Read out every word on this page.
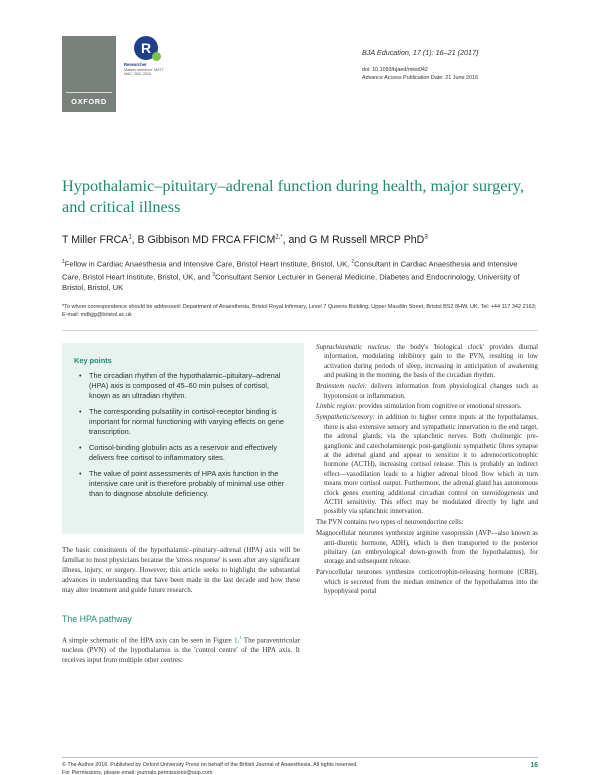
OXFORD
R
Researcher
Matters reference: MATT
MAC: 2001 2024
BJA Education, 17 (1): 16–21 (2017)
doi: 10.1093/bjaed/mkw042
Advance Access Publication Date: 21 June 2016
Hypothalamic–pituitary–adrenal function during health, major surgery, and critical illness
T Miller FRCA$^1$, B Gibbison MD FRCA $FFICM^{2,*}$, and G M Russell MRCP PhD$^3$
$^1$Fellow in Cardiac Anaesthesia and Intensive Care, Bristol Heart Institute, Bristol, UK, $^2$Consultant in Cardiac Anaesthesia and Intensive Care, Bristol Heart Institute, Bristol, UK, and $^3$Consultant Senior Lecturer in General Medicine, Diabetes and Endocrinology, University of Bristol, Bristol, UK
*To whom correspondence should be addressed: Department of Anaesthesia, Bristol Royal Infirmary, Level 7 Queens Building, Upper Maudlin Street, Bristol BS2 8HW, UK. Tel: +44 117 342 2163; E-mail: mdbjjg@bristol.ac.uk
Key points
• The circadian rhythm of the hypothalamic–pituitary–adrenal (HPA) axis is composed of 45–60 min pulses of cortisol, known as an ultradian rhythm.
• The corresponding pulsatility in cortisol-receptor binding is important for normal functioning with varying effects on gene transcription.
• Cortisol-binding globulin acts as a reservoir and effectively delivers free cortisol to inflammatory sites.
• The value of point assessments of HPA axis function in the intensive care unit is therefore probably of minimal use other than to diagnose absolute deficiency.

The basic constituents of the hypothalamic–pituitary–adrenal (HPA) axis will be familiar to most physicians because the 'stress response' is seen after any significant illness, injury, or surgery. However, this article seeks to highlight the substantial advances in understanding that have been made in the last decade and how these may alter treatment and guide future research.

The HPA pathway

A simple schematic of the HPA axis can be seen in Figure 1.$^1$ The paraventricular nucleus (PVN) of the hypothalamus is the 'control centre' of the HPA axis. It receives input from multiple other centres:

Suprachiasmatic nucleus: the body's 'biological clock' provides diurnal information, modulating inhibitory gain to the PVN, resulting in low activation during periods of sleep, increasing in anticipation of awakening and peaking in the morning, the basis of the circadian rhythm.
Brainstem nuclei: delivers information from physiological changes such as hypotension or inflammation.
Limbic region: provides stimulation from cognitive or emotional stressors.
Sympathetic/sensory: in addition to higher centre inputs at the hypothalamus, there is also extensive sensory and sympathetic innervation to the end target, the adrenal glands, via the splanchnic nerves. Both cholinergic pre-ganglionic and catecholaminergic post-ganglionic sympathetic fibres synapse at the adrenal gland and appear to sensitize it to adrenocorticotrophic hormone (ACTH), increasing cortisol release. This is probably an indirect effect—vasodilation leads to a higher adrenal blood flow which in turn means more cortisol output. Furthermore, the adrenal gland has autonomous clock genes exerting additional circadian control on steroidogenesis and ACTH sensitivity. This effect may be modulated directly by light and possibly via splanchnic innervation.
The PVN contains two types of neuroendocrine cells:
Magnocellular neurones synthesize arginine vasopressin (AVP—also known as anti-diuretic hormone, ADH), which is then transported to the posterior pituitary (an embryological down-growth from the hypothalamus), for storage and subsequent release.
Parvocellular neurones synthesize corticotrophin-releasing hormone (CRH), which is secreted from the median eminence of the hypothalamus into the hypophyseal portal
© The Author 2016. Published by Oxford University Press on behalf of the British Journal of Anaesthesia. All rights reserved.
For Permissions, please email: journals.permissions@oup.com
16
